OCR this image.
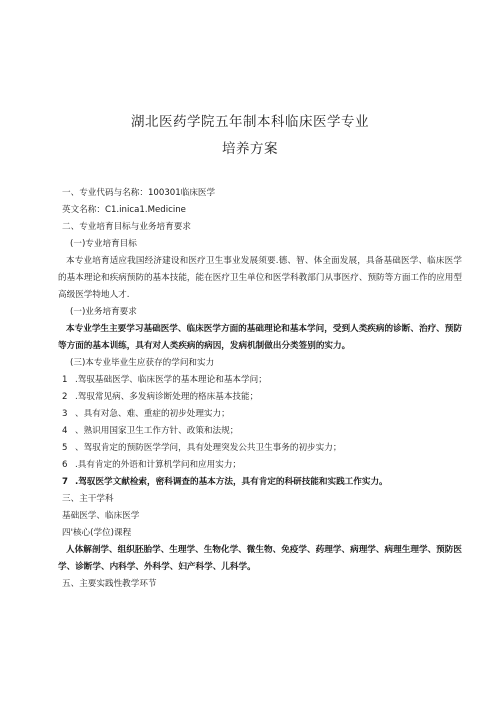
湖北医药学院五年制本科临床医学专业
培养方案

一、专业代码与名称：100301临床医学

英文名称：C1.inica1.Medicine

二、专业培育目标与业务培育要求

(一)专业培育目标

本专业培育适应我国经济建设和医疗卫生事业发展须要.德、智、体全面发展，具备基础医学、临床医学的基本理论和疾病预防的基本技能，能在医疗卫生单位和医学科教部门从事医疗、预防等方面工作的应用型高级医学特地人才.

(一)业务培育要求

本专业学生主要学习基础医学、临床医学方面的基础理论和基本学问，受到人类疾病的诊断、治疗、预防等方面的基本训练，具有对人类疾病的病因，发病机制做出分类签别的实力。

(三)本专业毕业生应获存的学问和实力

1 .驾驭基础医学、临床医学的基本理论和基本学问；
2 .驾驭常见病、多发病诊断处理的格床基本技能；
3 、具有对急、难、重症的初步处理实力；
4 、熟识用国家卫生工作方针、政策和法规；
5 、驾驭肯定的预防医学学问，具有处理突发公共卫生事务的初步实力；
6 .具有肯定的外语和计算机学问和应用实力；
7 .驾驭医学文献检索，密科调查的基本方法，具有肯定的科研技能和实践工作实力。

三、主干学科

基础医学、临床医学

四'核心(学位)课程

人体解剖学、组织胚胎学、生理学、生物化学、微生物、免疫学、药理学、病理学、病理生理学、预防医学、诊断学、内科学、外科学、妇产科学、儿科学。

五、主要实践性教学环节
